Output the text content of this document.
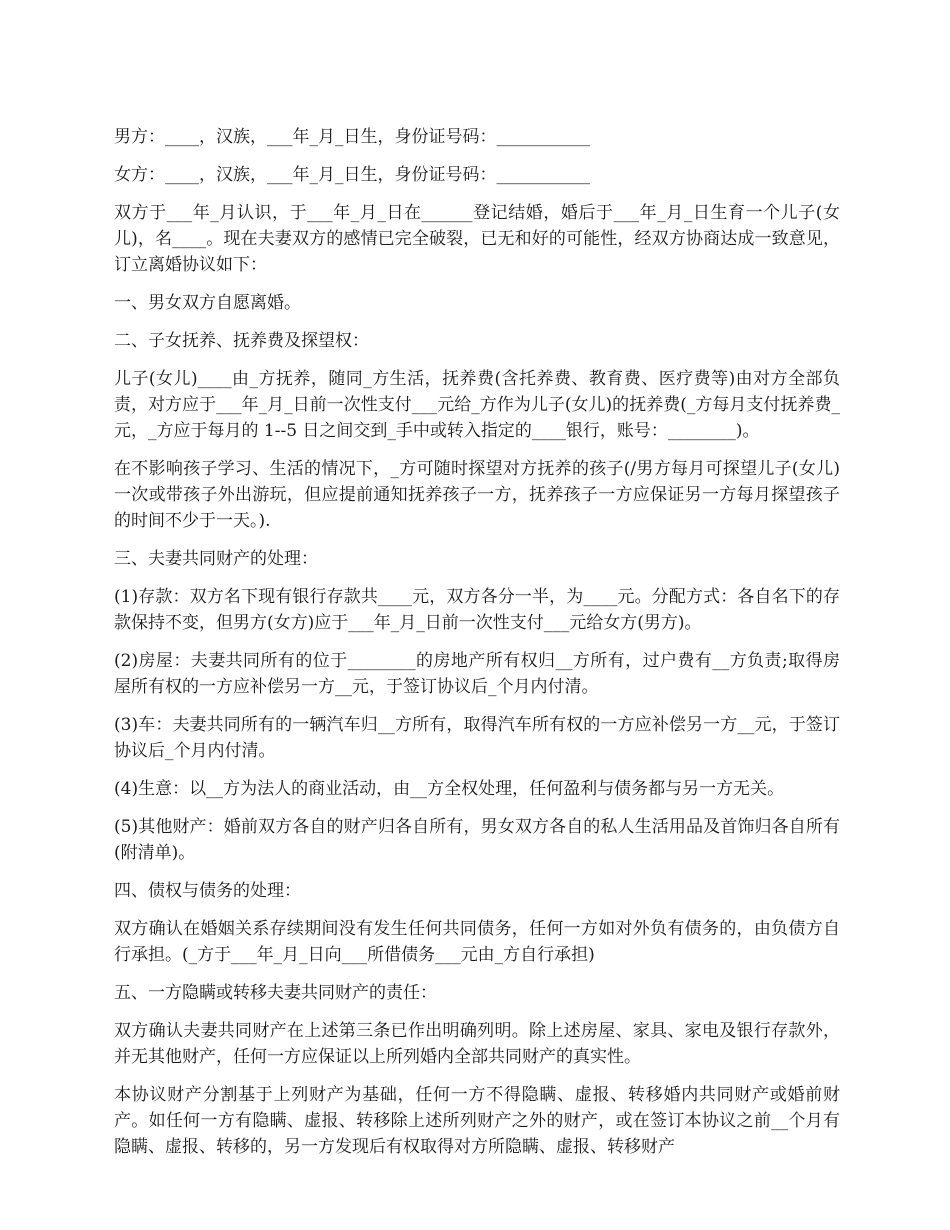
男方：____，汉族，___年_月_日生，身份证号码：___________

女方：____，汉族，___年_月_日生，身份证号码：___________

双方于___年_月认识，于___年_月_日在______登记结婚，婚后于___年_月_日生育一个儿子(女儿)，名____。现在夫妻双方的感情已完全破裂，已无和好的可能性，经双方协商达成一致意见，订立离婚协议如下：

一、男女双方自愿离婚。

二、子女抚养、抚养费及探望权：

儿子(女儿)____由_方抚养，随同_方生活，抚养费(含托养费、教育费、医疗费等)由对方全部负责，对方应于___年_月_日前一次性支付___元给_方作为儿子(女儿)的抚养费(_方每月支付抚养费_元，_方应于每月的 1--5 日之间交到_手中或转入指定的____银行，账号：________)。

在不影响孩子学习、生活的情况下，_方可随时探望对方抚养的孩子(/男方每月可探望儿子(女儿)一次或带孩子外出游玩，但应提前通知抚养孩子一方，抚养孩子一方应保证另一方每月探望孩子的时间不少于一天。).

三、夫妻共同财产的处理：

(1)存款：双方名下现有银行存款共____元，双方各分一半，为____元。分配方式：各自名下的存款保持不变，但男方(女方)应于___年_月_日前一次性支付___元给女方(男方)。

(2)房屋：夫妻共同所有的位于________的房地产所有权归__方所有，过户费有__方负责;取得房屋所有权的一方应补偿另一方__元，于签订协议后_个月内付清。

(3)车：夫妻共同所有的一辆汽车归__方所有，取得汽车所有权的一方应补偿另一方__元，于签订协议后_个月内付清。

(4)生意：以__方为法人的商业活动，由__方全权处理，任何盈利与债务都与另一方无关。

(5)其他财产：婚前双方各自的财产归各自所有，男女双方各自的私人生活用品及首饰归各自所有(附清单)。

四、债权与债务的处理：

双方确认在婚姻关系存续期间没有发生任何共同债务，任何一方如对外负有债务的，由负债方自行承担。(_方于___年_月_日向___所借债务___元由_方自行承担)

五、一方隐瞒或转移夫妻共同财产的责任：

双方确认夫妻共同财产在上述第三条已作出明确列明。除上述房屋、家具、家电及银行存款外，并无其他财产，任何一方应保证以上所列婚内全部共同财产的真实性。

本协议财产分割基于上列财产为基础，任何一方不得隐瞒、虚报、转移婚内共同财产或婚前财产。如任何一方有隐瞒、虚报、转移除上述所列财产之外的财产，或在签订本协议之前__个月有隐瞒、虚报、转移的，另一方发现后有权取得对方所隐瞒、虚报、转移财产
